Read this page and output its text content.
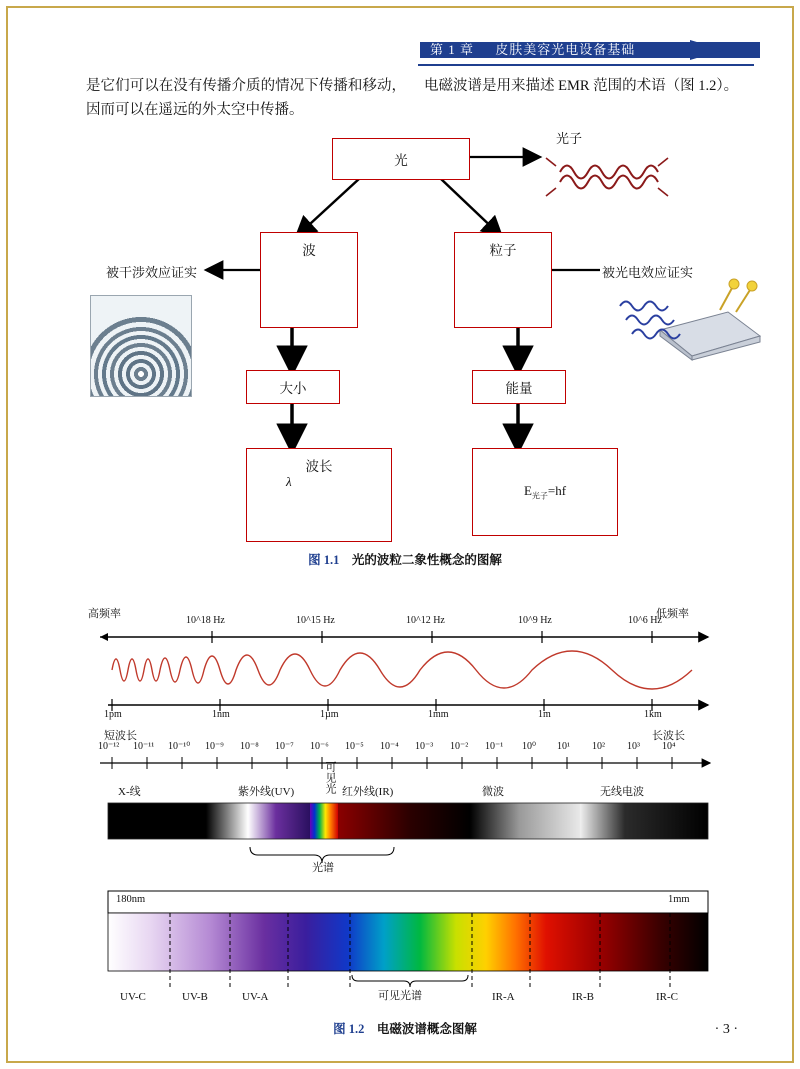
第 1 章 皮肤美容光电设备基础

是它们可以在没有传播介质的情况下传播和移动，因而可以在遥远的外太空中传播。

电磁波谱是用来描述 EMR 范围的术语（图 1.2）。

光
光子
波	粒子
被干涉效应证实	被光电效应证实
大小	能量
波长
λ
$E_{光子}=hf$
图 1.1 光的波粒二象性概念的图解
高频率	低频率
10^18 Hz	10^15 Hz	10^12 Hz	10^9 Hz	10^6 Hz
1pm	1nm	1µm	1mm	1m	1km
短波长	长波长
10⁻¹² 10⁻¹¹ 10⁻¹⁰ 10⁻⁹ 10⁻⁸ 10⁻⁷ 10⁻⁶ 10⁻⁵ 10⁻⁴ 10⁻³ 10⁻² 10⁻¹ 10⁰ 10¹ 10² 10³ 10⁴
X-线	紫外线(UV)	可见光 红外线(IR)	微波	无线电波
光谱
180nm	1mm
UV-C	UV-B	UV-A	可见光谱	IR-A	IR-B	IR-C
图 1.2 电磁波谱概念图解	· 3 ·
